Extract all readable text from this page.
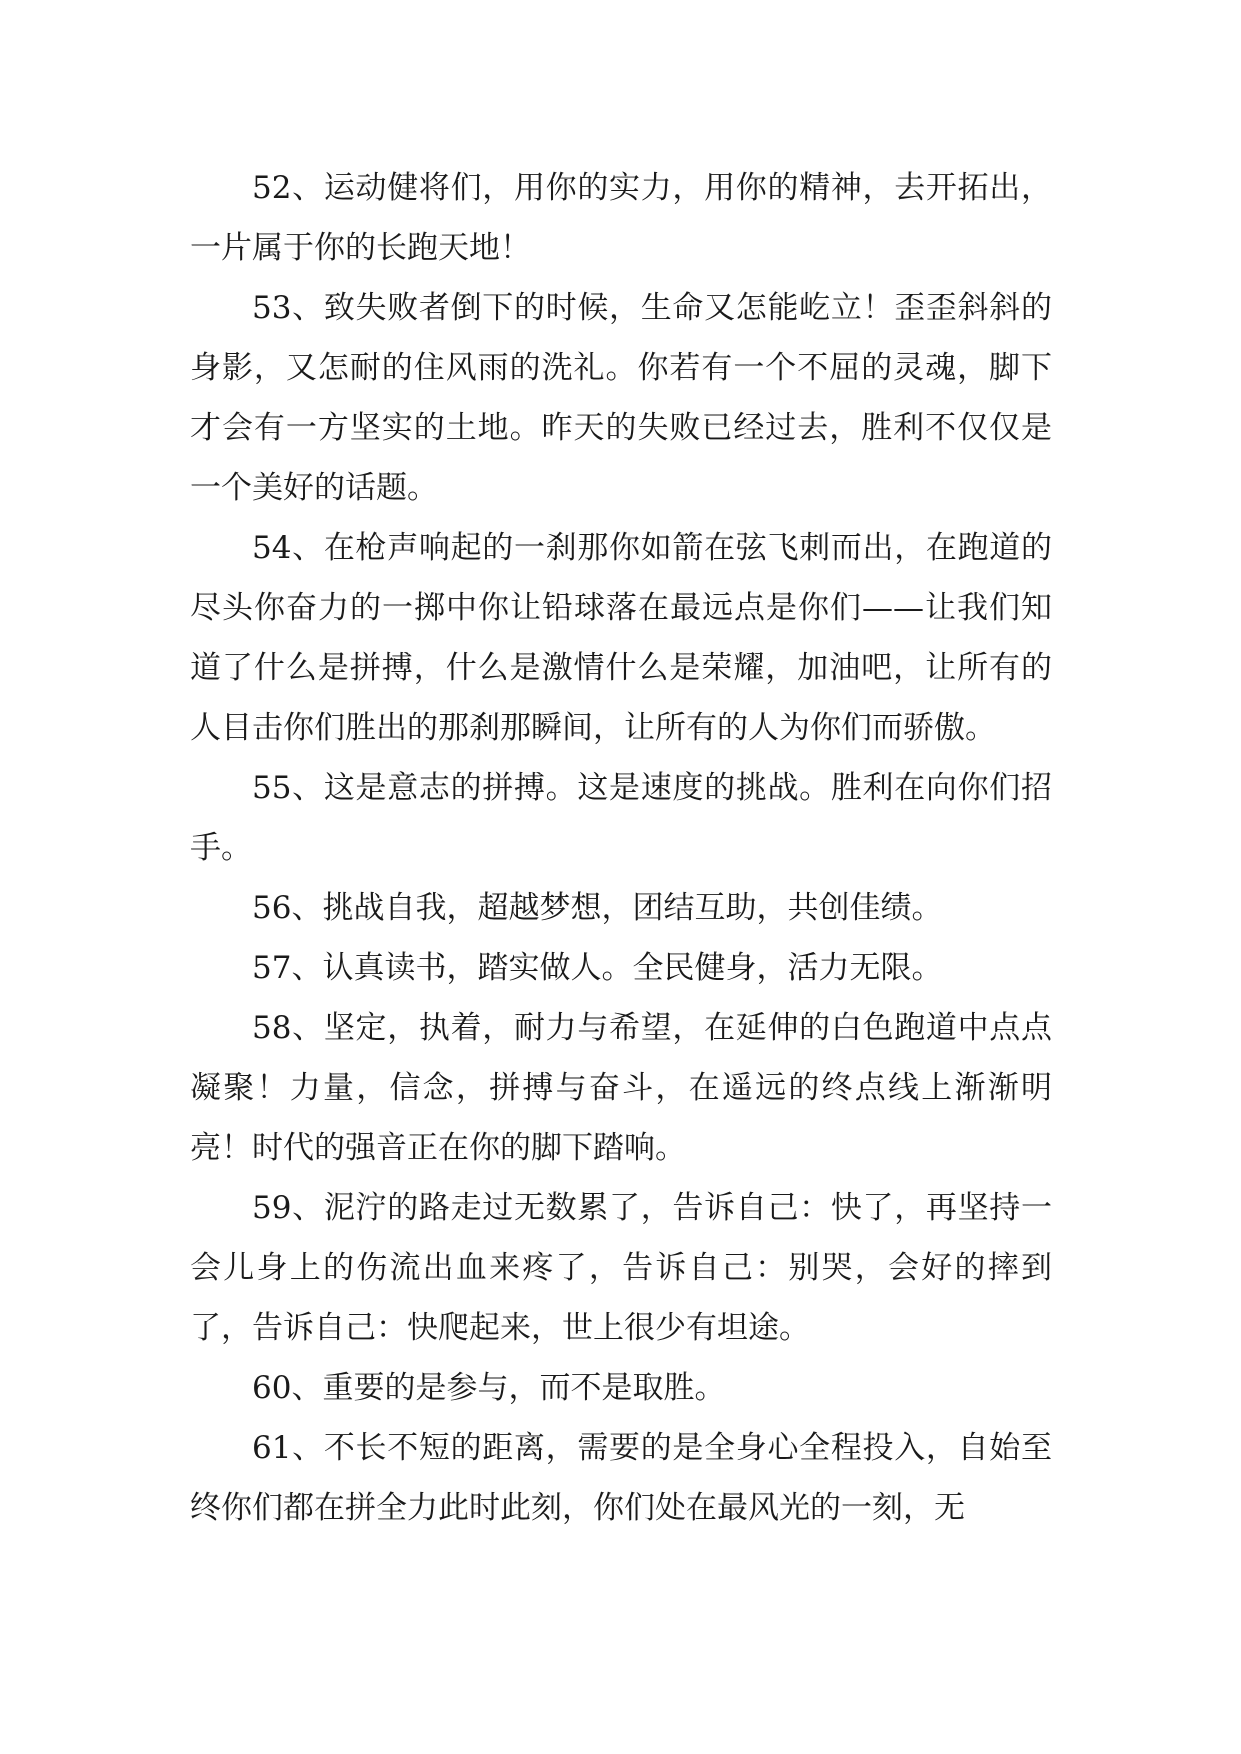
52、运动健将们，用你的实力，用你的精神，去开拓出，一片属于你的长跑天地！

53、致失败者倒下的时候，生命又怎能屹立！歪歪斜斜的身影，又怎耐的住风雨的洗礼。你若有一个不屈的灵魂，脚下才会有一方坚实的土地。昨天的失败已经过去，胜利不仅仅是一个美好的话题。

54、在枪声响起的一刹那你如箭在弦飞刺而出，在跑道的尽头你奋力的一掷中你让铅球落在最远点是你们——让我们知道了什么是拼搏，什么是激情什么是荣耀，加油吧，让所有的人目击你们胜出的那刹那瞬间，让所有的人为你们而骄傲。

55、这是意志的拼搏。这是速度的挑战。胜利在向你们招手。

56、挑战自我，超越梦想，团结互助，共创佳绩。

57、认真读书，踏实做人。全民健身，活力无限。

58、坚定，执着，耐力与希望，在延伸的白色跑道中点点凝聚！力量，信念，拼搏与奋斗，在遥远的终点线上渐渐明亮！时代的强音正在你的脚下踏响。

59、泥泞的路走过无数累了，告诉自己：快了，再坚持一会儿身上的伤流出血来疼了，告诉自己：别哭，会好的摔到了，告诉自己：快爬起来，世上很少有坦途。

60、重要的是参与，而不是取胜。

61、不长不短的距离，需要的是全身心全程投入，自始至终你们都在拼全力此时此刻，你们处在最风光的一刻，无
